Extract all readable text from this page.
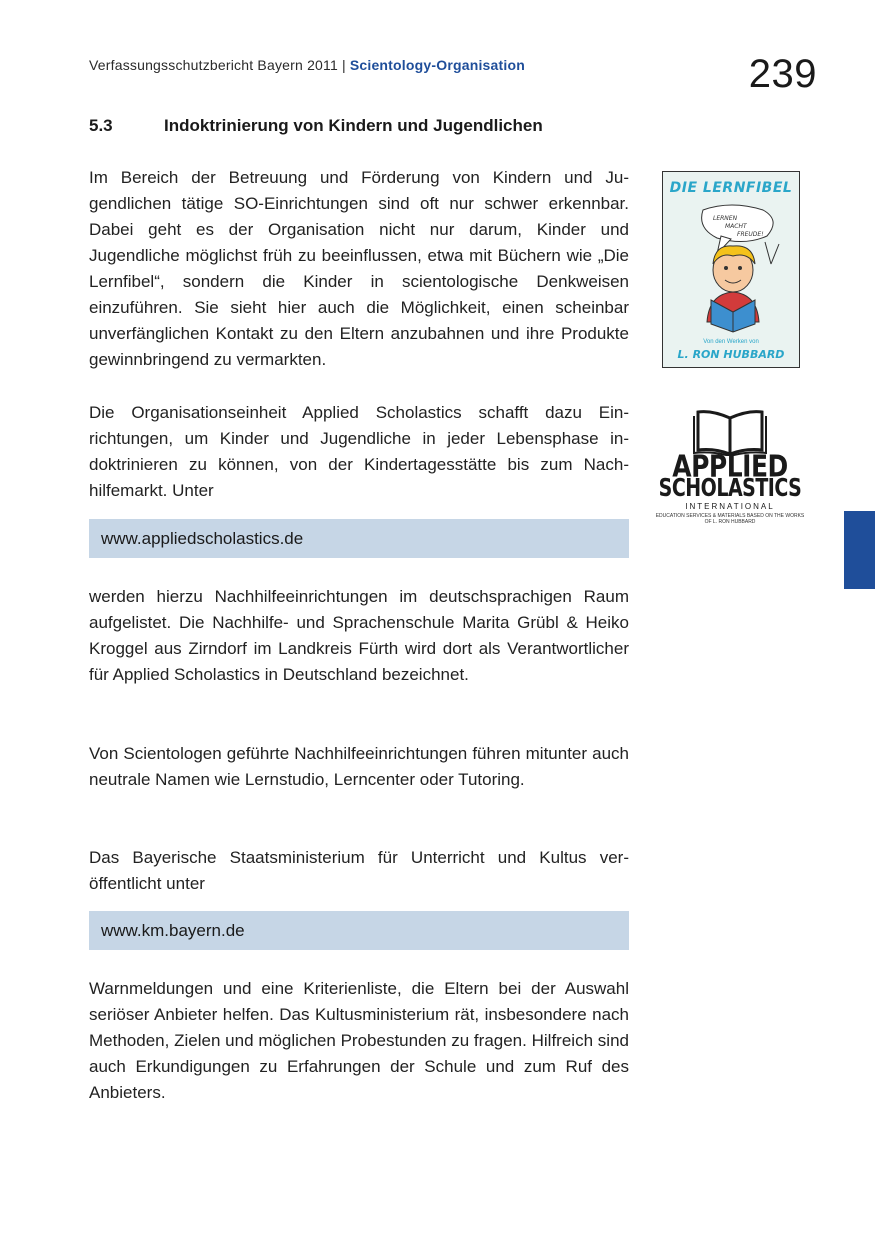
Verfassungsschutzbericht Bayern 2011 | Scientology-Organisation	239
5.3	Indoktrinierung von Kindern und Jugendlichen
Im Bereich der Betreuung und Förderung von Kindern und Jugendlichen tätige SO-Einrichtungen sind oft nur schwer erkennbar. Dabei geht es der Organisation nicht nur darum, Kinder und Jugendliche möglichst früh zu beeinflussen, etwa mit Büchern wie „Die Lernfibel“, sondern die Kinder in scientologische Denkweisen einzuführen. Sie sieht hier auch die Möglichkeit, einen scheinbar unverfänglichen Kontakt zu den Eltern anzubahnen und ihre Produkte gewinnbringend zu vermarkten.
Die Organisationseinheit Applied Scholastics schafft dazu Einrichtungen, um Kinder und Jugendliche in jeder Lebensphase indoktrinieren zu können, von der Kindertagesstätte bis zum Nachhilfemarkt. Unter
www.appliedscholastics.de
werden hierzu Nachhilfeeinrichtungen im deutschsprachigen Raum aufgelistet. Die Nachhilfe- und Sprachenschule Marita Grübl & Heiko Kroggel aus Zirndorf im Landkreis Fürth wird dort als Verantwortlicher für Applied Scholastics in Deutschland bezeichnet.
Von Scientologen geführte Nachhilfeeinrichtungen führen mitunter auch neutrale Namen wie Lernstudio, Lerncenter oder Tutoring.
Das Bayerische Staatsministerium für Unterricht und Kultus veröffentlicht unter
www.km.bayern.de
Warnmeldungen und eine Kriterienliste, die Eltern bei der Auswahl seriöser Anbieter helfen. Das Kultusministerium rät, insbesondere nach Methoden, Zielen und möglichen Probestunden zu fragen. Hilfreich sind auch Erkundigungen zu Erfahrungen der Schule und zum Ruf des Anbieters.
DIE LERNFIBEL
LERNEN
MACHT
FREUDE!
Von den Werken von
L. RON HUBBARD
APPLIED
SCHOLASTICS
INTERNATIONAL
EDUCATION SERVICES & MATERIALS BASED ON THE WORKS OF L. RON HUBBARD
